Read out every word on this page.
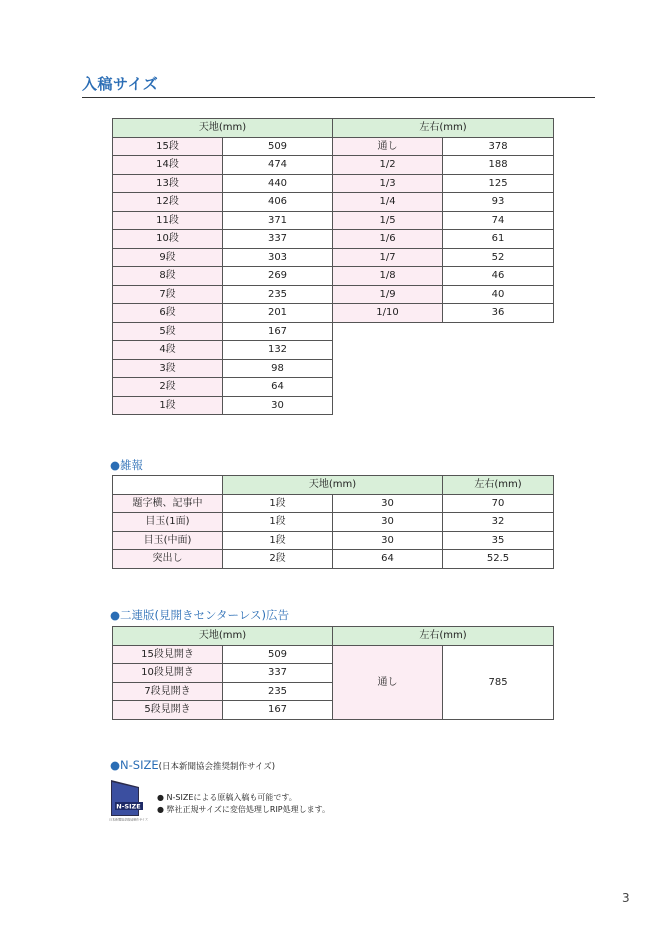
入稿サイズ
天地(mm)		左右(mm)	
15段	509	通し	378
14段	474	1/2	188
13段	440	1/3	125
12段	406	1/4	93
11段	371	1/5	74
10段	337	1/6	61
9段	303	1/7	52
8段	269	1/8	46
7段	235	1/9	40
6段	201	1/10	36
5段	167		
4段	132		
3段	98		
2段	64		
1段	30		
●雑報
	天地(mm)		左右(mm)
題字横、記事中	1段	30	70
目玉(1面)	1段	30	32
目玉(中面)	1段	30	35
突出し	2段	64	52.5
●二連版(見開きセンターレス)広告
天地(mm)		左右(mm)	
15段見開き	509	通し	785
10段見開き	337		
7段見開き	235		
5段見開き	167		
●N-SIZE(日本新聞協会推奨制作サイズ)
N-SIZE
日本新聞協会推奨制作サイズ
● N-SIZEによる原稿入稿も可能です。
● 弊社正規サイズに変倍処理しRIP処理します。
3
